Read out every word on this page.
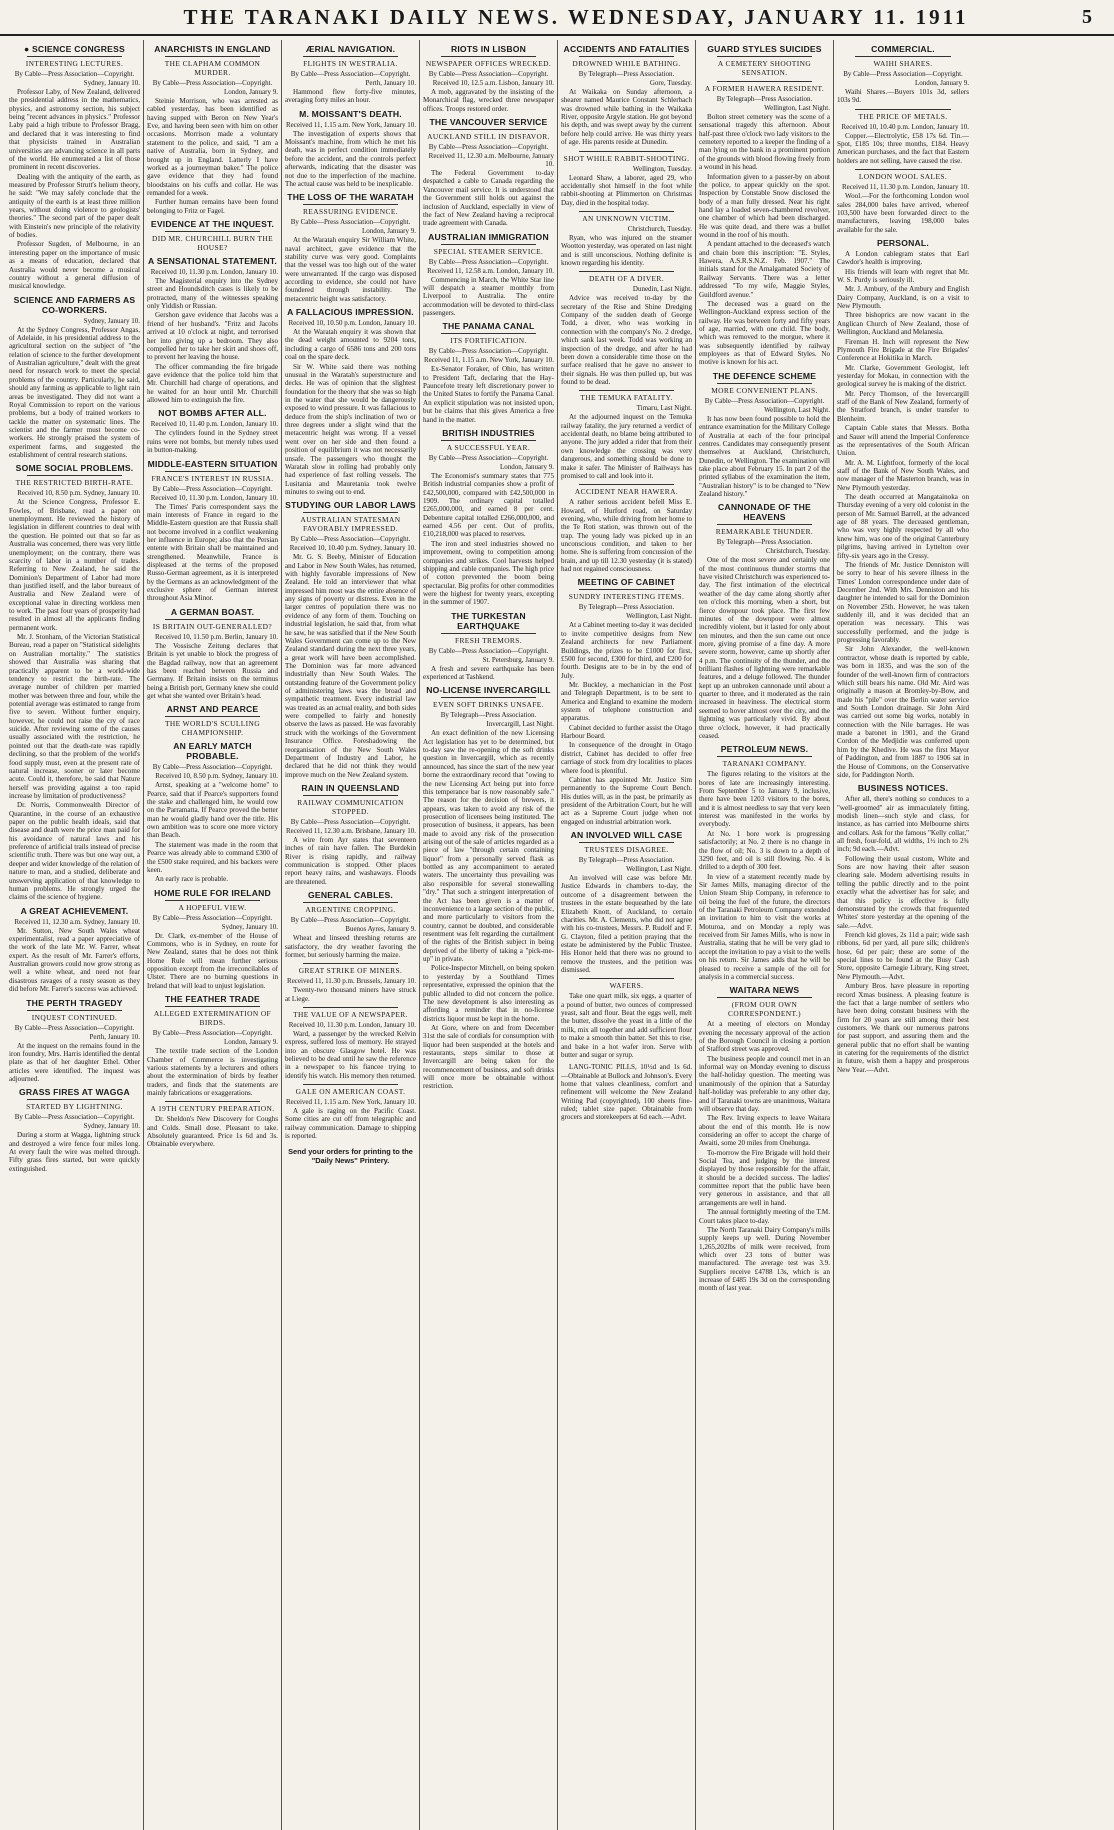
THE TARANAKI DAILY NEWS. WEDNESDAY, JANUARY 11. 1911	5
● SCIENCE CONGRESS
INTERESTING LECTURES.
By Cable—Press Association—Copyright.
Sydney, January 10.
Professor Laby, of New Zealand, delivered the presidential address in the mathematics, physics, and astronomy section, his subject being "recent advances in physics." Professor Laby paid a high tribute to Professor Bragg, and declared that it was interesting to find that physicists trained in Australian universities are advancing science in all parts of the world. He enumerated a list of those prominent in recent discoveries.
Dealing with the antiquity of the earth, as measured by Professor Strutt's helium theory, he said: "We may safely conclude that the antiquity of the earth is at least three million years, without doing violence to geologists' theories." The second part of the paper dealt with Einstein's new principle of the relativity of bodies.
Professor Sugden, of Melbourne, in an interesting paper on the importance of music as a means of education, declared that Australia would never become a musical country without a general diffusion of musical knowledge.
SCIENCE AND FARMERS AS CO-WORKERS.
Sydney, January 10.
At the Sydney Congress, Professor Angas, of Adelaide, in his presidential address to the agricultural section on the subject of "the relation of science to the further development of Australian agriculture," dealt with the great need for research work to meet the special problems of the country. Particularly, he said, should any farming as applicable to light rain areas be investigated. They did not want a Royal Commission to report on the various problems, but a body of trained workers to tackle the matter on systematic lines. The scientist and the farmer must become co-workers. He strongly praised the system of experiment farms, and suggested the establishment of central research stations.
SOME SOCIAL PROBLEMS.
THE RESTRICTED BIRTH-RATE.
Received 10, 8.50 p.m. Sydney, January 10.
At the Science Congress, Professor E. Fowles, of Brisbane, read a paper on unemployment. He reviewed the history of legislation in different countries to deal with the question. He pointed out that so far as Australia was concerned, there was very little unemployment; on the contrary, there was scarcity of labor in a number of trades. Referring to New Zealand, he said the Dominion's Department of Labor had more than justified itself, and the labor bureaux of Australia and New Zealand were of exceptional value in directing workless men to work. The past four years of prosperity had resulted in almost all the applicants finding permanent work.
Mr. J. Stonham, of the Victorian Statistical Bureau, read a paper on "Statistical sidelights on Australian mortality." The statistics showed that Australia was sharing that practically apparent to be a world-wide tendency to restrict the birth-rate. The average number of children per married mother was between three and four, while the potential average was estimated to range from five to seven. Without further enquiry, however, he could not raise the cry of race suicide. After reviewing some of the causes usually associated with the restriction, he pointed out that the death-rate was rapidly declining, so that the problem of the world's food supply must, even at the present rate of natural increase, sooner or later become acute. Could it, therefore, be said that Nature herself was providing against a too rapid increase by limitation of productiveness?
Dr. Norris, Commonwealth Director of Quarantine, in the course of an exhaustive paper on the public health ideals, said that disease and death were the price man paid for his avoidance of natural laws and his preference of artificial trails instead of precise scientific truth. There was but one way out, a deeper and wider knowledge of the relation of nature to man, and a studied, deliberate and unswerving application of that knowledge to human problems. He strongly urged the claims of the science of hygiene.
A GREAT ACHIEVEMENT.
Received 11, 12.30 a.m. Sydney, January 10.
Mr. Sutton, New South Wales wheat experimentalist, read a paper appreciative of the work of the late Mr. W. Farrer, wheat expert. As the result of Mr. Farrer's efforts, Australian growers could now grow strong as well a white wheat, and need not fear disastrous ravages of a rusty season as they did before Mr. Farrer's success was achieved.
THE PERTH TRAGEDY
INQUEST CONTINUED.
By Cable—Press Association—Copyright.
Perth, January 10.
At the inquest on the remains found in the iron foundry, Mrs. Harris identified the dental plate as that of her daughter Ethel. Other articles were identified. The inquest was adjourned.
GRASS FIRES AT WAGGA
STARTED BY LIGHTNING.
By Cable—Press Association—Copyright.
Sydney, January 10.
During a storm at Wagga, lightning struck and destroyed a wire fence four miles long. At every fault the wire was melted through. Fifty grass fires started, but were quickly extinguished.
ANARCHISTS IN ENGLAND
THE CLAPHAM COMMON MURDER.
By Cable—Press Association—Copyright.
London, January 9.
Steinie Morrison, who was arrested as cabled yesterday, has been identified as having supped with Beron on New Year's Eve, and having been seen with him on other occasions. Morrison made a voluntary statement to the police, and said, "I am a native of Australia, born in Sydney, and brought up in England. Latterly I have worked as a journeyman baker." The police gave evidence that they had found bloodstains on his cuffs and collar. He was remanded for a week.
Further human remains have been found belonging to Fritz or Fagel.
EVIDENCE AT THE INQUEST.
DID MR. CHURCHILL BURN THE HOUSE?
A SENSATIONAL STATEMENT.
Received 10, 11.30 p.m. London, January 10.
The Magisterial enquiry into the Sydney street and Houndsditch cases is likely to be protracted, many of the witnesses speaking only Yiddish or Russian.
Gershon gave evidence that Jacobs was a friend of her husband's. "Fritz and Jacobs arrived at 10 o'clock at night, and terrorised her into giving up a bedroom. They also compelled her to take her skirt and shoes off, to prevent her leaving the house.
The officer commanding the fire brigade gave evidence that the police told him that Mr. Churchill had charge of operations, and he waited for an hour until Mr. Churchill allowed him to extinguish the fire.
NOT BOMBS AFTER ALL.
Received 10, 11.40 p.m. London, January 10.
The cylinders found in the Sydney street ruins were not bombs, but merely tubes used in button-making.
MIDDLE-EASTERN SITUATION
FRANCE'S INTEREST IN RUSSIA.
By Cable—Press Association—Copyright.
Received 10, 11.30 p.m. London, January 10.
The Times' Paris correspondent says the main interests of France in regard to the Middle-Eastern question are that Russia shall not become involved in a conflict weakening her influence in Europe; also that the Persian entente with Britain shall be maintained and strengthened. Meanwhile, France is displeased at the terms of the proposed Russo-German agreement, as it is interpreted by the Germans as an acknowledgment of the exclusive sphere of German interest throughout Asia Minor.
A GERMAN BOAST.
IS BRITAIN OUT-GENERALLED?
Received 10, 11.50 p.m. Berlin, January 10.
The Vossische Zeitung declares that Britain is yet unable to block the progress of the Bagdad railway, now that an agreement has been reached between Russia and Germany. If Britain insists on the terminus being a British port, Germany knew she could get what she wanted over Britain's head.
ARNST AND PEARCE
THE WORLD'S SCULLING CHAMPIONSHIP.
AN EARLY MATCH PROBABLE.
By Cable—Press Association—Copyright.
Received 10, 8.50 p.m. Sydney, January 10.
Arnst, speaking at a "welcome home" to Pearce, said that if Pearce's supporters found the stake and challenged him, he would row on the Parramatta. If Pearce proved the better man he would gladly hand over the title. His own ambition was to score one more victory than Beach.
The statement was made in the room that Pearce was already able to command £300 of the £500 stake required, and his backers were keen.
An early race is probable.
HOME RULE FOR IRELAND
A HOPEFUL VIEW.
By Cable—Press Association—Copyright.
Sydney, January 10.
Dr. Clark, ex-member of the House of Commons, who is in Sydney, en route for New Zealand, states that he does not think Home Rule will mean further serious opposition except from the irreconcilables of Ulster. There are no burning questions in Ireland that will lead to unjust legislation.
THE FEATHER TRADE
ALLEGED EXTERMINATION OF BIRDS.
By Cable—Press Association—Copyright.
London, January 9.
The textile trade section of the London Chamber of Commerce is investigating various statements by a lecturers and others about the extermination of birds by feather traders, and finds that the statements are mainly fabrications or exaggerations.
A 19TH CENTURY PREPARATION.
Dr. Sheldon's New Discovery for Coughs and Colds. Small dose. Pleasant to take. Absolutely guaranteed. Price 1s 6d and 3s. Obtainable everywhere.
ÆRIAL NAVIGATION.
FLIGHTS IN WESTRALIA.
By Cable—Press Association—Copyright.
Perth, January 10.
Hammond flew forty-five minutes, averaging forty miles an hour.
M. MOISSANT'S DEATH.
Received 11, 1.15 a.m. New York, January 10.
The investigation of experts shows that Moissant's machine, from which he met his death, was in perfect condition immediately before the accident, and the controls perfect afterwards, indicating that the disaster was not due to the imperfection of the machine. The actual cause was held to be inexplicable.
THE LOSS OF THE WARATAH
REASSURING EVIDENCE.
By Cable—Press Association—Copyright.
London, January 9.
At the Waratah enquiry Sir William White, naval architect, gave evidence that the stability curve was very good. Complaints that the vessel was too high out of the water were unwarranted. If the cargo was disposed according to evidence, she could not have foundered through instability. The metacentric height was satisfactory.
A FALLACIOUS IMPRESSION.
Received 10, 10.50 p.m. London, January 10.
At the Waratah enquiry it was shown that the dead weight amounted to 9204 tons, including a cargo of 6586 tons and 200 tons coal on the spare deck.
Sir W. White said there was nothing unusual in the Waratah's superstructure and decks. He was of opinion that the slightest foundation for the theory that she was so high in the water that she would be dangerously exposed to wind pressure. It was fallacious to deduce from the ship's inclination of two or three degrees under a slight wind that the metacentric height was wrong. If a vessel went over on her side and then found a position of equilibrium it was not necessarily unsafe. The passengers who thought the Waratah slow in rolling had probably only had experience of fast rolling vessels. The Lusitania and Mauretania took twelve minutes to swing out to end.
STUDYING OUR LABOR LAWS
AUSTRALIAN STATESMAN FAVORABLY IMPRESSED.
By Cable—Press Association—Copyright.
Received 10, 10.40 p.m. Sydney, January 10.
Mr. G. S. Beeby, Minister of Education and Labor in New South Wales, has returned, with highly favorable impressions of New Zealand. He told an interviewer that what impressed him most was the entire absence of any signs of poverty or distress. Even in the larger centres of population there was no evidence of any form of them. Touching on industrial legislation, he said that, from what he saw, he was satisfied that if the New South Wales Government can come up to the New Zealand standard during the next three years, a great work will have been accomplished. The Dominion was far more advanced industrially than New South Wales. The outstanding feature of the Government policy of administering laws was the broad and sympathetic treatment. Every industrial law was treated as an actual reality, and both sides were compelled to fairly and honestly observe the laws as passed. He was favorably struck with the workings of the Government Insurance Office. Foreshadowing the reorganisation of the New South Wales Department of Industry and Labor, he declared that he did not think they would improve much on the New Zealand system.
RAIN IN QUEENSLAND
RAILWAY COMMUNICATION STOPPED.
By Cable—Press Association—Copyright.
Received 11, 12.30 a.m. Brisbane, January 10.
A wire from Ayr states that seventeen inches of rain have fallen. The Burdekin River is rising rapidly, and railway communication is stopped. Other places report heavy rains, and washaways. Floods are threatened.
GENERAL CABLES.
ARGENTINE CROPPING.
By Cable—Press Association—Copyright.
Buenos Ayres, January 9.
Wheat and linseed threshing returns are satisfactory, the dry weather favoring the former, but seriously harming the maize.
GREAT STRIKE OF MINERS.
Received 11, 11.30 p.m. Brussels, January 10.
Twenty-two thousand miners have struck at Liege.
THE VALUE OF A NEWSPAPER.
Received 10, 11.30 p.m. London, January 10.
Ward, a passenger by the wrecked Kelvin express, suffered loss of memory. He strayed into an obscure Glasgow hotel. He was believed to be dead until he saw the reference in a newspaper to his fiancee trying to identify his watch. His memory then returned.
GALE ON AMERICAN COAST.
Received 11, 1.15 a.m. New York, January 10.
A gale is raging on the Pacific Coast. Some cities are cut off from telegraphic and railway communication. Damage to shipping is reported.
Send your orders for printing to the "Daily News" Printery.
RIOTS IN LISBON
NEWSPAPER OFFICES WRECKED.
By Cable—Press Association—Copyright.
Received 10, 12.5 a.m. Lisbon, January 10.
A mob, aggravated by the insisting of the Monarchical flag, wrecked three newspaper offices. Troops restored order.
THE VANCOUVER SERVICE
AUCKLAND STILL IN DISFAVOR.
By Cable—Press Association—Copyright.
Received 11, 12.30 a.m. Melbourne, January 10.
The Federal Government to-day despatched a cable to Canada regarding the Vancouver mail service. It is understood that the Government still holds out against the inclusion of Auckland, especially in view of the fact of New Zealand having a reciprocal trade agreement with Canada.
AUSTRALIAN IMMIGRATION
SPECIAL STEAMER SERVICE.
By Cable—Press Association—Copyright.
Received 11, 12.58 a.m. London, January 10.
Commencing in March, the White Star line will despatch a steamer monthly from Liverpool to Australia. The entire accommodation will be devoted to third-class passengers.
THE PANAMA CANAL
ITS FORTIFICATION.
By Cable—Press Association—Copyright.
Received 11, 1.15 a.m. New York, January 10.
Ex-Senator Foraker, of Ohio, has written to President Taft, declaring that the Hay-Pauncefote treaty left discretionary power to the United States to fortify the Panama Canal. An explicit stipulation was not insisted upon, but he claims that this gives America a free hand in the matter.
BRITISH INDUSTRIES
A SUCCESSFUL YEAR.
By Cable—Press Association—Copyright.
London, January 9.
The Economist's summary states that 775 British industrial companies show a profit of £42,500,000, compared with £42,500,000 in 1909. The ordinary capital totalled £265,000,000, and earned 8 per cent. Debenture capital totalled £266,000,000, and earned 4.56 per cent. Out of profits, £10,218,000 was placed to reserves.
The iron and steel industries showed no improvement, owing to competition among companies and strikes. Cool harvests helped shipping and cable companies. The high price of cotton prevented the boom being spectacular. Big profits for other commodities were the highest for twenty years, excepting in the summer of 1907.
THE TURKESTAN EARTHQUAKE
FRESH TREMORS.
By Cable—Press Association—Copyright.
St. Petersburg, January 9.
A fresh and severe earthquake has been experienced at Tashkend.
NO-LICENSE INVERCARGILL
EVEN SOFT DRINKS UNSAFE.
By Telegraph—Press Association.
Invercargill, Last Night.
An exact definition of the new Licensing Act legislation has yet to be determined, but to-day saw the re-opening of the soft drinks question in Invercargill, which as recently announced, has since the start of the new year borne the extraordinary record that "owing to the new Licensing Act being put into force this temperance bar is now reasonably safe." The reason for the decision of brewers, it appears, was taken to avoid any risk of the prosecution of licensees being instituted. The prosecution of business, it appears, has been made to avoid any risk of the prosecution arising out of the sale of articles regarded as a piece of law "through certain containing liquor" from a personally served flask as bottled as any accompaniment to aerated waters. The uncertainty thus prevailing was also responsible for several stonewalling "dry." That such a stringent interpretation of the Act has been given is a matter of inconvenience to a large section of the public, and more particularly to visitors from the country, cannot be doubted, and considerable resentment was felt regarding the curtailment of the rights of the British subject in being deprived of the liberty of taking a "pick-me-up" in private.
Police-Inspector Mitchell, on being spoken to yesterday by a Southland Times representative, expressed the opinion that the public alluded to did not concern the police. The new development is also interesting as affording a reminder that in no-license districts liquor must be kept in the home.
At Gore, where on and from December 31st the sale of cordials for consumption with liquor had been suspended at the hotels and restaurants, steps similar to those at Invercargill are being taken for the recommencement of business, and soft drinks will once more be obtainable without restriction.
ACCIDENTS AND FATALITIES
DROWNED WHILE BATHING.
By Telegraph—Press Association.
Gore, Tuesday.
At Waikaka on Sunday afternoon, a shearer named Maurice Constant Schlerbach was drowned while bathing in the Waikaka River, opposite Argyle station. He got beyond his depth, and was swept away by the current before help could arrive. He was thirty years of age. His parents reside at Dunedin.
SHOT WHILE RABBIT-SHOOTING.
Wellington, Tuesday.
Leonard Shaw, a laborer, aged 29, who accidentally shot himself in the foot while rabbit-shooting at Plimmerton on Christmas Day, died in the hospital today.
AN UNKNOWN VICTIM.
Christchurch, Tuesday.
Ryan, who was injured on the steamer Wootton yesterday, was operated on last night and is still unconscious. Nothing definite is known regarding his identity.
DEATH OF A DIVER.
Dunedin, Last Night.
Advice was received to-day by the secretary of the Rise and Shine Dredging Company of the sudden death of George Todd, a diver, who was working in connection with the company's No. 2 dredge, which sank last week. Todd was working an inspection of the dredge, and after he had been down a considerable time those on the surface realised that he gave no answer to their signals. He was then pulled up, but was found to be dead.
THE TEMUKA FATALITY.
Timaru, Last Night.
At the adjourned inquest on the Temuka railway fatality, the jury returned a verdict of accidental death, no blame being attributed to anyone. The jury added a rider that from their own knowledge the crossing was very dangerous, and something should be done to make it safer. The Minister of Railways has promised to call and look into it.
ACCIDENT NEAR HAWERA.
A rather serious accident befell Miss E. Howard, of Hurford road, on Saturday evening, who, while driving from her home to the Te Roti station, was thrown out of the trap. The young lady was picked up in an unconscious condition, and taken to her home. She is suffering from concussion of the brain, and up till 12.30 yesterday (it is stated) had not regained consciousness.
MEETING OF CABINET
SUNDRY INTERESTING ITEMS.
By Telegraph—Press Association.
Wellington, Last Night.
At a Cabinet meeting to-day it was decided to invite competitive designs from New Zealand architects for new Parliament Buildings, the prizes to be £1000 for first, £500 for second, £300 for third, and £200 for fourth. Designs are to be in by the end of July.
Mr. Buckley, a mechanician in the Post and Telegraph Department, is to be sent to America and England to examine the modern system of telephone construction and apparatus.
Cabinet decided to further assist the Otago Harbour Board.
In consequence of the drought in Otago district, Cabinet has decided to offer free carriage of stock from dry localities to places where food is plentiful.
Cabinet has appointed Mr. Justice Sim permanently to the Supreme Court Bench. His duties will, as in the past, be primarily as president of the Arbitration Court, but he will act as a Supreme Court judge when not engaged on industrial arbitration work.
AN INVOLVED WILL CASE
TRUSTEES DISAGREE.
By Telegraph—Press Association.
Wellington, Last Night.
An involved will case was before Mr. Justice Edwards in chambers to-day, the outcome of a disagreement between the trustees in the estate bequeathed by the late Elizabeth Knott, of Auckland, to certain charities. Mr. A. Clements, who did not agree with his co-trustees, Messrs. P. Rudolf and F. G. Clayton, filed a petition praying that the estate be administered by the Public Trustee. His Honor held that there was no ground to remove the trustees, and the petition was dismissed.
WAFERS.
Take one quart milk, six eggs, a quarter of a pound of butter, two ounces of compressed yeast, salt and flour. Beat the eggs well, melt the butter, dissolve the yeast in a little of the milk, mix all together and add sufficient flour to make a smooth thin batter. Set this to rise, and bake in a hot wafer iron. Serve with butter and sugar or syrup.
LANG-TONIC PILLS, 10½d and 1s 6d. —Obtainable at Bullock and Johnson's. Every home that values cleanliness, comfort and refinement will welcome the New Zealand Writing Pad (copyrighted), 100 sheets fine-ruled; tablet size paper. Obtainable from grocers and storekeepers at 6d each.—Advt.
GUARD STYLES SUICIDES
A CEMETERY SHOOTING SENSATION.
A FORMER HAWERA RESIDENT.
By Telegraph—Press Association.
Wellington, Last Night.
Bolton street cemetery was the scene of a sensational tragedy this afternoon. About half-past three o'clock two lady visitors to the cemetery reported to a keeper the finding of a man lying on the bank in a prominent portion of the grounds with blood flowing freely from a wound in his head.
Information given to a passer-by on about the police, to appear quickly on the spot. Inspection by Constable Snow disclosed the body of a man fully dressed. Near his right hand lay a loaded seven-chambered revolver, one chamber of which had been discharged. He was quite dead, and there was a bullet wound in the roof of his mouth.
A pendant attached to the deceased's watch and chain bore this inscription: "E. Styles, Hawera, A.S.R.S.N.Z. Feb. 1907." The initials stand for the Amalgamated Society of Railway Servants. There was a letter addressed "To my wife, Maggie Styles, Guildford avenue."
The deceased was a guard on the Wellington-Auckland express section of the railway. He was between forty and fifty years of age, married, with one child. The body, which was removed to the morgue, where it was subsequently identified by railway employees as that of Edward Styles. No motive is known for his act.
THE DEFENCE SCHEME
MORE CONVENIENT PLANS.
By Cable—Press Association—Copyright.
Wellington, Last Night.
It has now been found possible to hold the entrance examination for the Military College of Australia at each of the four principal centres. Candidates may consequently present themselves at Auckland, Christchurch, Dunedin, or Wellington. The examination will take place about February 15. In part 2 of the printed syllabus of the examination the item, "Australian history" is to be changed to "New Zealand history."
CANNONADE OF THE HEAVENS
REMARKABLE THUNDER.
By Telegraph—Press Association.
Christchurch, Tuesday.
One of the most severe and certainly one of the most continuous thunder storms that have visited Christchurch was experienced to-day. The first intimation of the electrical weather of the day came along shortly after ten o'clock this morning, when a short, but fierce downpour took place. The first few minutes of the downpour were almost incredibly violent, but it lasted for only about ten minutes, and then the sun came out once more, giving promise of a fine day. A more severe storm, however, came up shortly after 4 p.m. The continuity of the thunder, and the brilliant flashes of lightning were remarkable features, and a deluge followed. The thunder kept up an unbroken cannonade until about a quarter to three, and it moderated as the rain increased in heaviness. The electrical storm seemed to hover almost over the city, and the lightning was particularly vivid. By about three o'clock, however, it had practically ceased.
PETROLEUM NEWS.
TARANAKI COMPANY.
The figures relating to the visitors at the bores of late are increasingly interesting. From September 5 to January 9, inclusive, there have been 1203 visitors to the bores, and it is almost needless to say that very keen interest was manifested in the works by everybody.
At No. 1 bore work is progressing satisfactorily; at No. 2 there is no change in the flow of oil; No. 3 is down to a depth of 3290 feet, and oil is still flowing. No. 4 is drilled to a depth of 300 feet.
In view of a statement recently made by Sir James Mills, managing director of the Union Steam Ship Company, in reference to oil being the fuel of the future, the directors of the Taranaki Petroleum Company extended an invitation to him to visit the works at Moturoa, and on Monday a reply was received from Sir James Mills, who is now in Australia, stating that he will be very glad to accept the invitation to pay a visit to the wells on his return. Sir James adds that he will be pleased to receive a sample of the oil for analysis in a commercial success.
WAITARA NEWS
(FROM OUR OWN CORRESPONDENT.)
At a meeting of electors on Monday evening the necessary approval of the action of the Borough Council in closing a portion of Stafford street was approved.
The business people and council met in an informal way on Monday evening to discuss the half-holiday question. The meeting was unanimously of the opinion that a Saturday half-holiday was preferable to any other day, and if Taranaki towns are unanimous, Waitara will observe that day.
The Rev. Irving expects to leave Waitara about the end of this month. He is now considering an offer to accept the charge of Awaiti, some 20 miles from Onehunga.
To-morrow the Fire Brigade will hold their Social Tea, and judging by the interest displayed by those responsible for the affair, it should be a decided success. The ladies' committee report that the public have been very generous in assistance, and that all arrangements are well in hand.
The annual fortnightly meeting of the T.M. Court takes place to-day.
The North Taranaki Dairy Company's mills supply keeps up well. During November 1,265,202lbs of milk were received, from which over 23 tons of butter was manufactured. The average test was 3.9. Suppliers receive £4788 13s, which is an increase of £485 19s 3d on the corresponding month of last year.
COMMERCIAL.
WAIHI SHARES.
By Cable—Press Association—Copyright.
London, January 9.
Waihi Shares.—Buyers 101s 3d, sellers 103s 9d.
THE PRICE OF METALS.
Received 10, 10.40 p.m. London, January 10.
Copper.—Electrolytic, £58 17s 6d. Tin.—Spot, £185 10s; three months, £184. Heavy American purchases, and the fact that Eastern holders are not selling, have caused the rise.
LONDON WOOL SALES.
Received 11, 11.30 p.m. London, January 10.
Wool.—For the forthcoming London wool sales 284,000 bales have arrived, whereof 103,500 have been forwarded direct to the manufacturers, leaving 198,000 bales available for the sale.
PERSONAL.
A London cablegram states that Earl Cawdor's health is improving.
His friends will learn with regret that Mr. W. S. Purdy is seriously ill.
Mr. J. Ambury, of the Ambury and English Dairy Company, Auckland, is on a visit to New Plymouth.
Three bishoprics are now vacant in the Anglican Church of New Zealand, those of Wellington, Auckland and Melanesia.
Fireman H. Inch will represent the New Plymouth Fire Brigade at the Fire Brigades' Conference at Hokitika in March.
Mr. Clarke, Government Geologist, left yesterday for Mokau, in connection with the geological survey he is making of the district.
Mr. Percy Thomson, of the Invercargill staff of the Bank of New Zealand, formerly of the Stratford branch, is under transfer to Blenheim.
Captain Cable states that Messrs. Botha and Sauer will attend the Imperial Conference as the representatives of the South African Union.
Mr. A. M. Lightfoot, formerly of the local staff of the Bank of New South Wales, and now manager of the Masterton branch, was in New Plymouth yesterday.
The death occurred at Mangatainoka on Thursday evening of a very old colonist in the person of Mr. Samuel Barrell, at the advanced age of 88 years. The deceased gentleman, who was very highly respected by all who knew him, was one of the original Canterbury pilgrims, having arrived in Lyttelton over fifty-six years ago in the Cressy.
The friends of Mr. Justice Denniston will be sorry to hear of his severe illness in the Times' London correspondence under date of December 2nd. With Mrs. Denniston and his daughter he intended to sail for the Dominion on November 25th. However, he was taken suddenly ill, and it was decided that an operation was necessary. This was successfully performed, and the judge is progressing favorably.
Sir John Alexander, the well-known contractor, whose death is reported by cable, was born in 1835, and was the son of the founder of the well-known firm of contractors which still bears his name. Old Mr. Aird was originally a mason at Bromley-by-Bow, and made his "pile" over the Berlin water service and South London drainage. Sir John Aird was carried out some big works, notably in connection with the Nile barrages. He was made a baronet in 1901, and the Grand Cordon of the Medjidie was conferred upon him by the Khedive. He was the first Mayor of Paddington, and from 1887 to 1906 sat in the House of Commons, on the Conservative side, for Paddington North.
BUSINESS NOTICES.
After all, there's nothing so conduces to a "well-groomed" air as immaculately fitting, modish linen—such style and class, for instance, as has carried into Melbourne shirts and collars. Ask for the famous "Kelly collar," all fresh, four-fold, all widths, 1½ inch to 2¾ inch; 9d each.—Advt.
Following their usual custom, White and Sons are now having their after season clearing sale. Modern advertising results in telling the public directly and to the point exactly what the advertiser has for sale; and that this policy is effective is fully demonstrated by the crowds that frequented Whites' store yesterday at the opening of the sale.—Advt.
French kid gloves, 2s 11d a pair; wide sash ribbons, 6d per yard, all pure silk; children's hose, 6d per pair; these are some of the special lines to be found at the Busy Cash Store, opposite Carnegie Library, King street, New Plymouth.—Advt.
Ambury Bros. have pleasure in reporting record Xmas business. A pleasing feature is the fact that a large number of settlers who have been doing constant business with the firm for 20 years are still among their best customers. We thank our numerous patrons for past support, and assuring them and the general public that no effort shall be wanting in catering for the requirements of the district in future, wish them a happy and prosperous New Year.—Advt.
